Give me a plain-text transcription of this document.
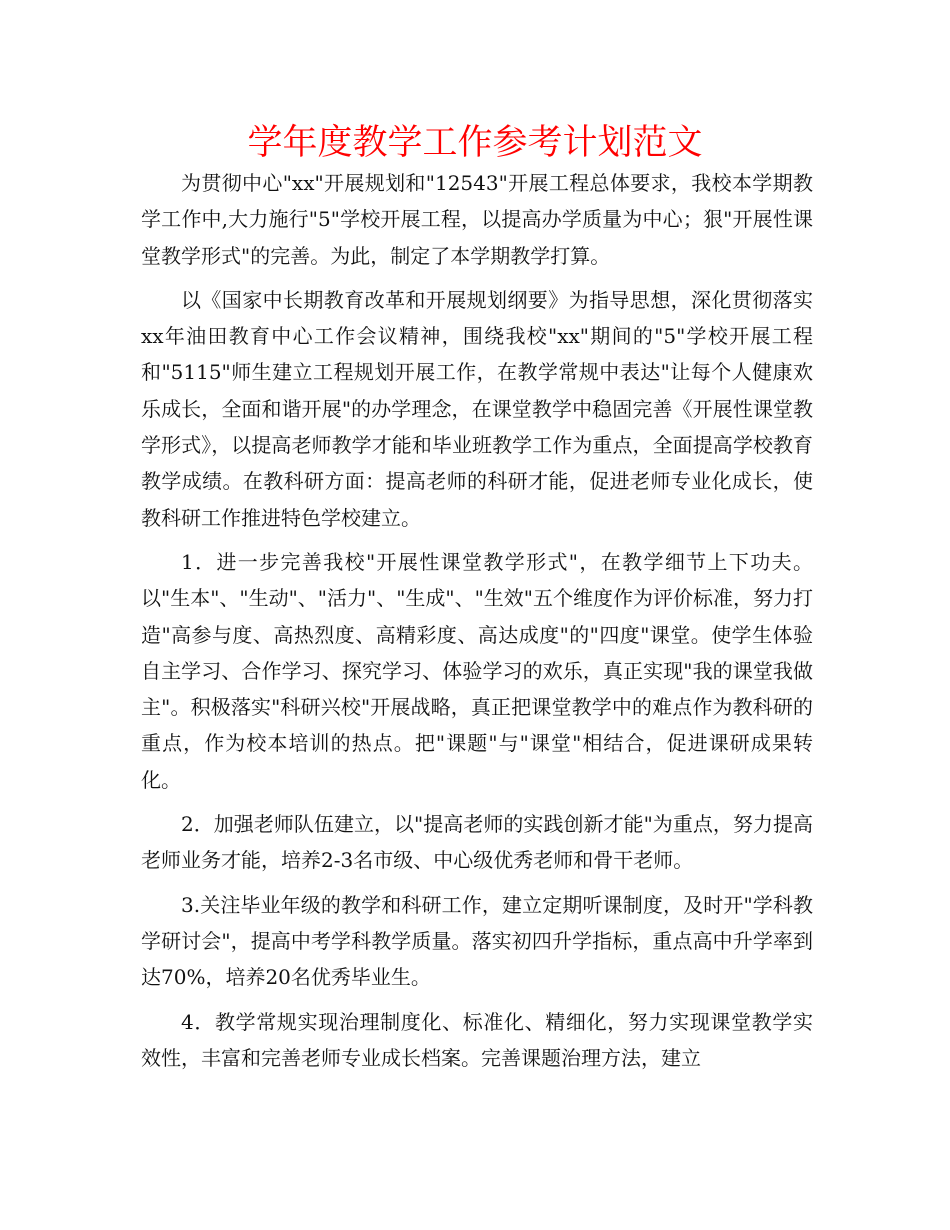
学年度教学工作参考计划范文

为贯彻中心"xx"开展规划和"12543"开展工程总体要求，我校本学期教学工作中,大力施行"5"学校开展工程，以提高办学质量为中心；狠"开展性课堂教学形式"的完善。为此，制定了本学期教学打算。

以《国家中长期教育改革和开展规划纲要》为指导思想，深化贯彻落实xx年油田教育中心工作会议精神，围绕我校"xx"期间的"5"学校开展工程和"5115"师生建立工程规划开展工作，在教学常规中表达"让每个人健康欢乐成长，全面和谐开展"的办学理念，在课堂教学中稳固完善《开展性课堂教学形式》，以提高老师教学才能和毕业班教学工作为重点，全面提高学校教育教学成绩。在教科研方面：提高老师的科研才能，促进老师专业化成长，使教科研工作推进特色学校建立。

1．进一步完善我校"开展性课堂教学形式"，在教学细节上下功夫。以"生本"、"生动"、"活力"、"生成"、"生效"五个维度作为评价标准，努力打造"高参与度、高热烈度、高精彩度、高达成度"的"四度"课堂。使学生体验自主学习、合作学习、探究学习、体验学习的欢乐，真正实现"我的课堂我做主"。积极落实"科研兴校"开展战略，真正把课堂教学中的难点作为教科研的重点，作为校本培训的热点。把"课题"与"课堂"相结合，促进课研成果转化。

2．加强老师队伍建立，以"提高老师的实践创新才能"为重点，努力提高老师业务才能，培养2-3名市级、中心级优秀老师和骨干老师。

3.关注毕业年级的教学和科研工作，建立定期听课制度，及时开"学科教学研讨会"，提高中考学科教学质量。落实初四升学指标，重点高中升学率到达70%，培养20名优秀毕业生。

4．教学常规实现治理制度化、标准化、精细化，努力实现课堂教学实效性，丰富和完善老师专业成长档案。完善课题治理方法，建立
